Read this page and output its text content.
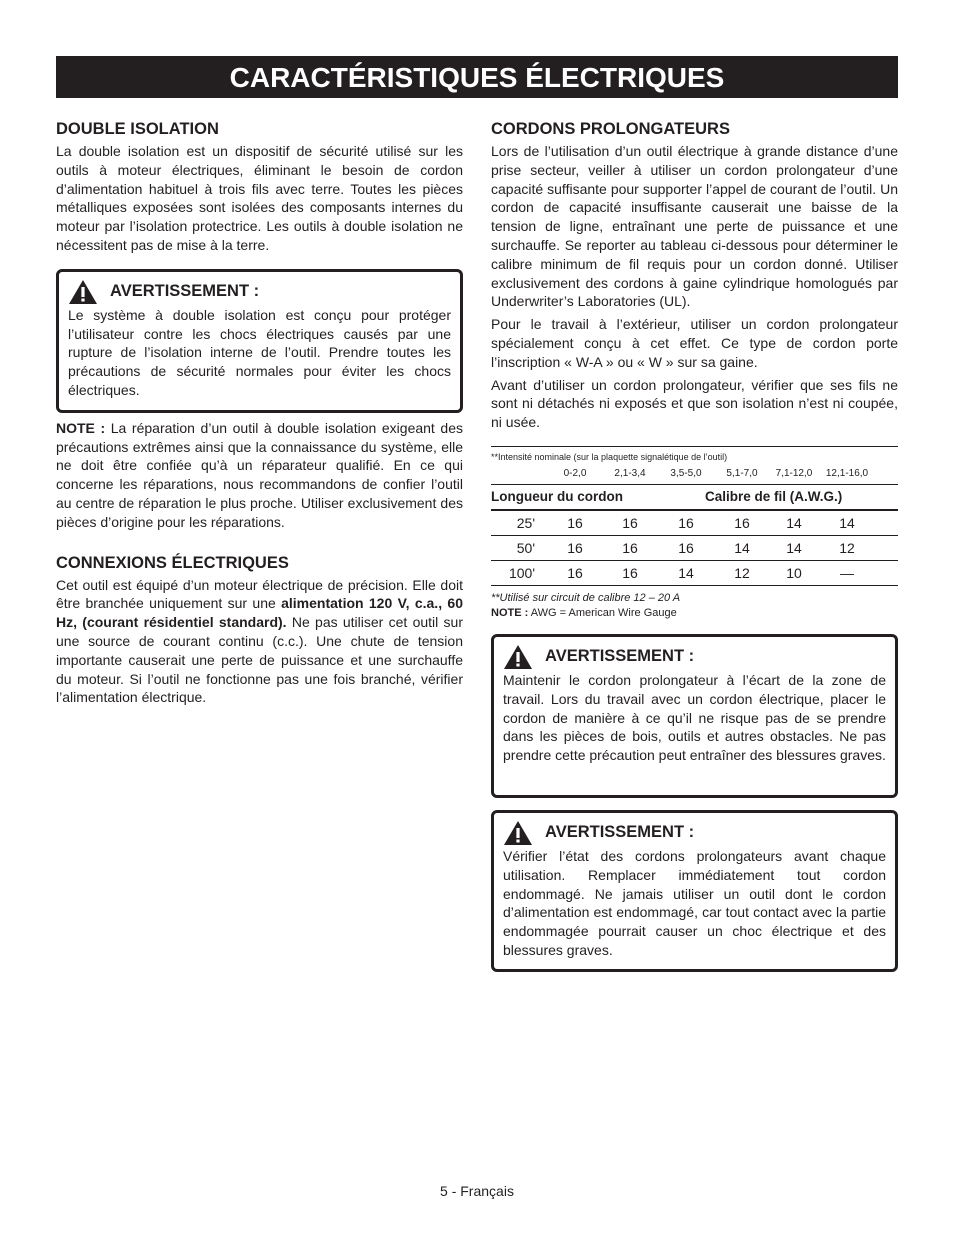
CARACTÉRISTIQUES ÉLECTRIQUES
DOUBLE ISOLATION

La double isolation est un dispositif de sécurité utilisé sur les outils à moteur électriques, éliminant le besoin de cordon d’alimentation habituel à trois fils avec terre. Toutes les pièces métalliques exposées sont isolées des composants internes du moteur par l’isolation protectrice. Les outils à double isolation ne nécessitent pas de mise à la terre.

AVERTISSEMENT :

Le système à double isolation est conçu pour protéger l’utilisateur contre les chocs électriques causés par une rupture de l’isolation interne de l’outil. Prendre toutes les précautions de sécurité normales pour éviter les chocs électriques.

NOTE : La réparation d’un outil à double isolation exigeant des précautions extrêmes ainsi que la connaissance du système, elle ne doit être confiée qu’à un réparateur qualifié. En ce qui concerne les réparations, nous recommandons de confier l’outil au centre de réparation le plus proche. Utiliser exclusivement des pièces d’origine pour les réparations.

CONNEXIONS ÉLECTRIQUES

Cet outil est équipé d’un moteur électrique de précision. Elle doit être branchée uniquement sur une alimentation 120 V, c.a., 60 Hz, (courant résidentiel standard). Ne pas utiliser cet outil sur une source de courant continu (c.c.). Une chute de tension importante causerait une perte de puissance et une surchauffe du moteur. Si l’outil ne fonctionne pas une fois branché, vérifier l’alimentation électrique.

CORDONS PROLONGATEURS

Lors de l’utilisation d’un outil électrique à grande distance d’une prise secteur, veiller à utiliser un cordon prolongateur d’une capacité suffisante pour supporter l’appel de courant de l’outil. Un cordon de capacité insuffisante causerait une baisse de la tension de ligne, entraînant une perte de puissance et une surchauffe. Se reporter au tableau ci-dessous pour déterminer le calibre minimum de fil requis pour un cordon donné. Utiliser exclusivement des cordons à gaine cylindrique homologués par Underwriter’s Laboratories (UL).

Pour le travail à l’extérieur, utiliser un cordon prolongateur spécialement conçu à cet effet. Ce type de cordon porte l’inscription « W-A » ou « W » sur sa gaine.

Avant d’utiliser un cordon prolongateur, vérifier que ses fils ne sont ni détachés ni exposés et que son isolation n’est ni coupée, ni usée.

**Intensité nominale (sur la plaquette signalétique de l’outil)
0-2,0	2,1-3,4	3,5-5,0	5,1-7,0	7,1-12,0	12,1-16,0
Longueur du cordon	Calibre de fil (A.W.G.)
25'	16	16	16	16	14	14
50'	16	16	16	14	14	12
100'	16	16	14	12	10	—
**Utilisé sur circuit de calibre 12 – 20 A
NOTE : AWG = American Wire Gauge
AVERTISSEMENT :

Maintenir le cordon prolongateur à l’écart de la zone de travail. Lors du travail avec un cordon électrique, placer le cordon de manière à ce qu’il ne risque pas de se prendre dans les pièces de bois, outils et autres obstacles. Ne pas prendre cette précaution peut entraîner des blessures graves.

AVERTISSEMENT :

Vérifier l’état des cordons prolongateurs avant chaque utilisation. Remplacer immédiatement tout cordon endommagé. Ne jamais utiliser un outil dont le cordon d’alimentation est endommagé, car tout contact avec la partie endommagée pourrait causer un choc électrique et des blessures graves.

5 - Français
